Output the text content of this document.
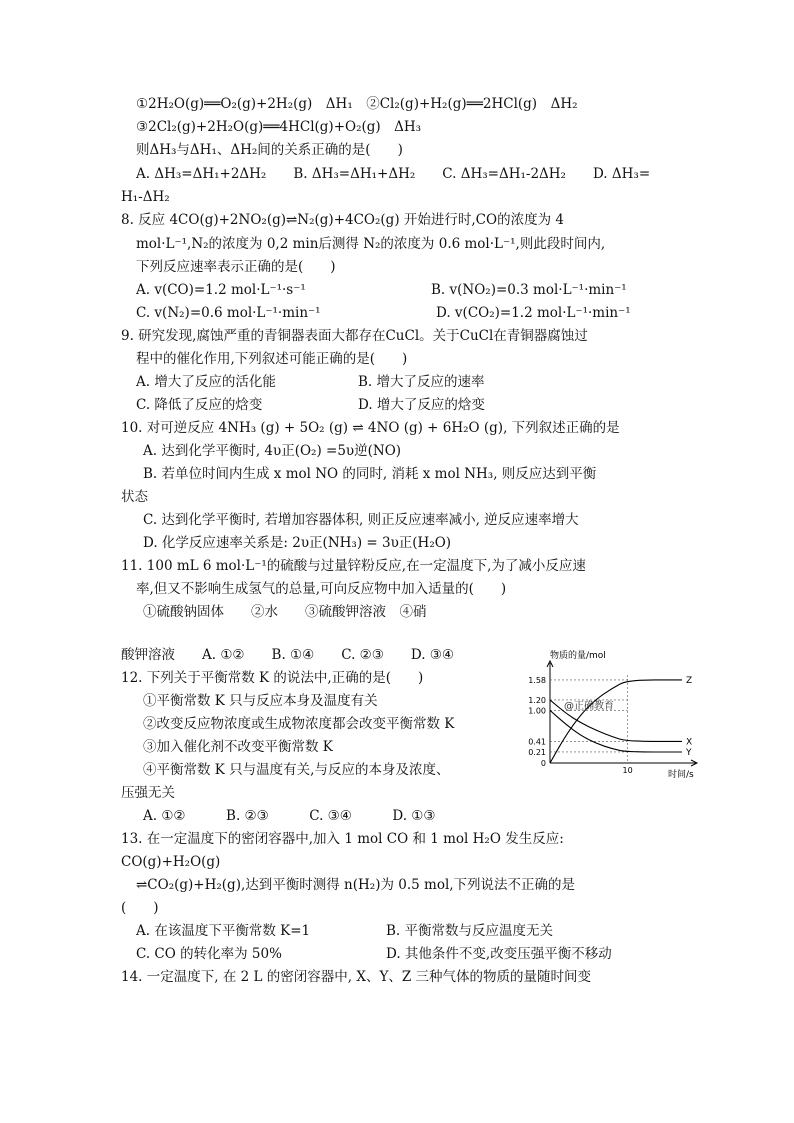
①2H₂O(g)══O₂(g)+2H₂(g)　ΔH₁　②Cl₂(g)+H₂(g)══2HCl(g)　ΔH₂
③2Cl₂(g)+2H₂O(g)══4HCl(g)+O₂(g)　ΔH₃
则ΔH₃与ΔH₁、ΔH₂间的关系正确的是(　　)
A. ΔH₃=ΔH₁+2ΔH₂　　B. ΔH₃=ΔH₁+ΔH₂　　C. ΔH₃=ΔH₁-2ΔH₂　　D. ΔH₃=
H₁-ΔH₂
8. 反应 4CO(g)+2NO₂(g)⇌N₂(g)+4CO₂(g) 开始进行时,CO的浓度为 4
mol·L⁻¹,N₂的浓度为 0,2 min后测得 N₂的浓度为 0.6 mol·L⁻¹,则此段时间内,
下列反应速率表示正确的是(　　)
A. v(CO)=1.2 mol·L⁻¹·s⁻¹	B. v(NO₂)=0.3 mol·L⁻¹·min⁻¹
C. v(N₂)=0.6 mol·L⁻¹·min⁻¹	D. v(CO₂)=1.2 mol·L⁻¹·min⁻¹
9. 研究发现,腐蚀严重的青铜器表面大都存在CuCl。关于CuCl在青铜器腐蚀过
程中的催化作用,下列叙述可能正确的是(　　)
A. 增大了反应的活化能	B. 增大了反应的速率
C. 降低了反应的焓变	D. 增大了反应的焓变
10. 对可逆反应 4NH₃ (g) + 5O₂ (g) ⇌ 4NO (g) + 6H₂O (g), 下列叙述正确的是
A. 达到化学平衡时, 4υ正(O₂) =5υ逆(NO)
B. 若单位时间内生成 x mol NO 的同时, 消耗 x mol NH₃, 则反应达到平衡
状态
C. 达到化学平衡时, 若增加容器体积, 则正反应速率减小, 逆反应速率增大
D. 化学反应速率关系是: 2υ正(NH₃) = 3υ正(H₂O)
11. 100 mL 6 mol·L⁻¹的硫酸与过量锌粉反应,在一定温度下,为了减小反应速
率,但又不影响生成氢气的总量,可向反应物中加入适量的(　　)
①硫酸钠固体　　②水　　③硫酸钾溶液　④硝
酸钾溶液　　A. ①②　　B. ①④　　C. ②③　　D. ③④
12. 下列关于平衡常数 K 的说法中,正确的是(　　)
①平衡常数 K 只与反应本身及温度有关
②改变反应物浓度或生成物浓度都会改变平衡常数 K
③加入催化剂不改变平衡常数 K
④平衡常数 K 只与温度有关,与反应的本身及浓度、
压强无关
A. ①②　　　B. ②③　　　C. ③④　　　D. ①③
13. 在一定温度下的密闭容器中,加入 1 mol CO 和 1 mol H₂O 发生反应:
CO(g)+H₂O(g)
⇌CO₂(g)+H₂(g),达到平衡时测得 n(H₂)为 0.5 mol,下列说法不正确的是
(　　)
A. 在该温度下平衡常数 K=1	B. 平衡常数与反应温度无关
C. CO 的转化率为 50%	D. 其他条件不变,改变压强平衡不移动
14. 一定温度下, 在 2 L 的密闭容器中, X、Y、Z 三种气体的物质的量随时间变
物质的量/mol
时间/s
@正确教育
1.58
1.20
1.00
0.41
0.21
0
10
Z
X
Y
